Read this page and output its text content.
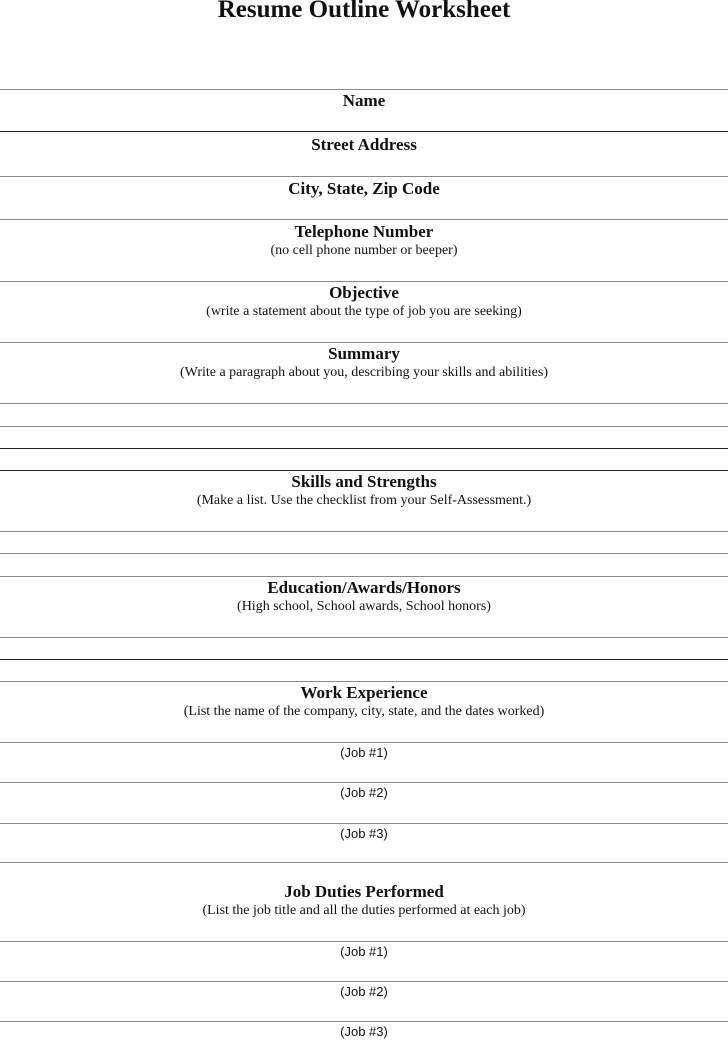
Resume Outline Worksheet
Name
Street Address
City, State, Zip Code
Telephone Number
(no cell phone number or beeper)
Objective
(write a statement about the type of job you are seeking)
Summary
(Write a paragraph about you, describing your skills and abilities)
Skills and Strengths
(Make a list. Use the checklist from your Self-Assessment.)
Education/Awards/Honors
(High school, School awards, School honors)
Work Experience
(List the name of the company, city, state, and the dates worked)
(Job #1)
(Job #2)
(Job #3)
Job Duties Performed
(List the job title and all the duties performed at each job)
(Job #1)
(Job #2)
(Job #3)
